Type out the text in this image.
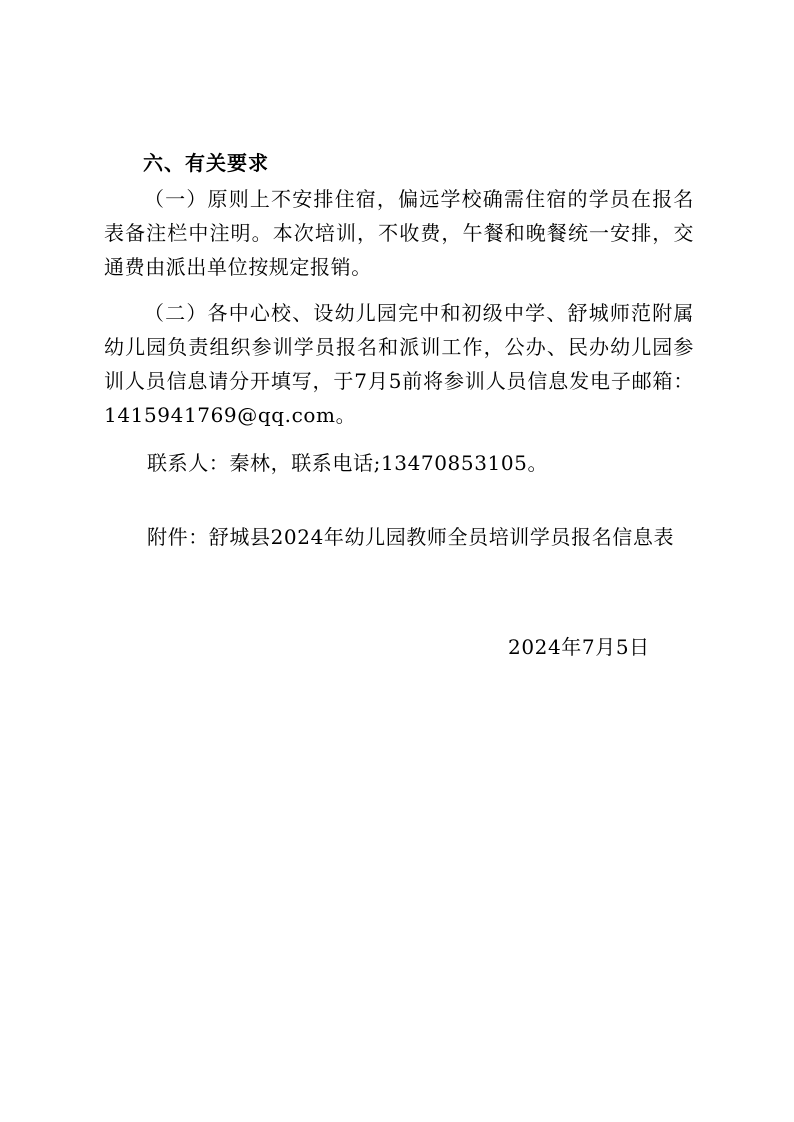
六、有关要求

（一）原则上不安排住宿，偏远学校确需住宿的学员在报名表备注栏中注明。本次培训，不收费，午餐和晚餐统一安排，交通费由派出单位按规定报销。

（二）各中心校、设幼儿园完中和初级中学、舒城师范附属幼儿园负责组织参训学员报名和派训工作，公办、民办幼儿园参训人员信息请分开填写，于7月5前将参训人员信息发电子邮箱：1415941769@qq.com。

联系人：秦林，联系电话;13470853105。
附件：舒城县2024年幼儿园教师全员培训学员报名信息表
2024年7月5日
